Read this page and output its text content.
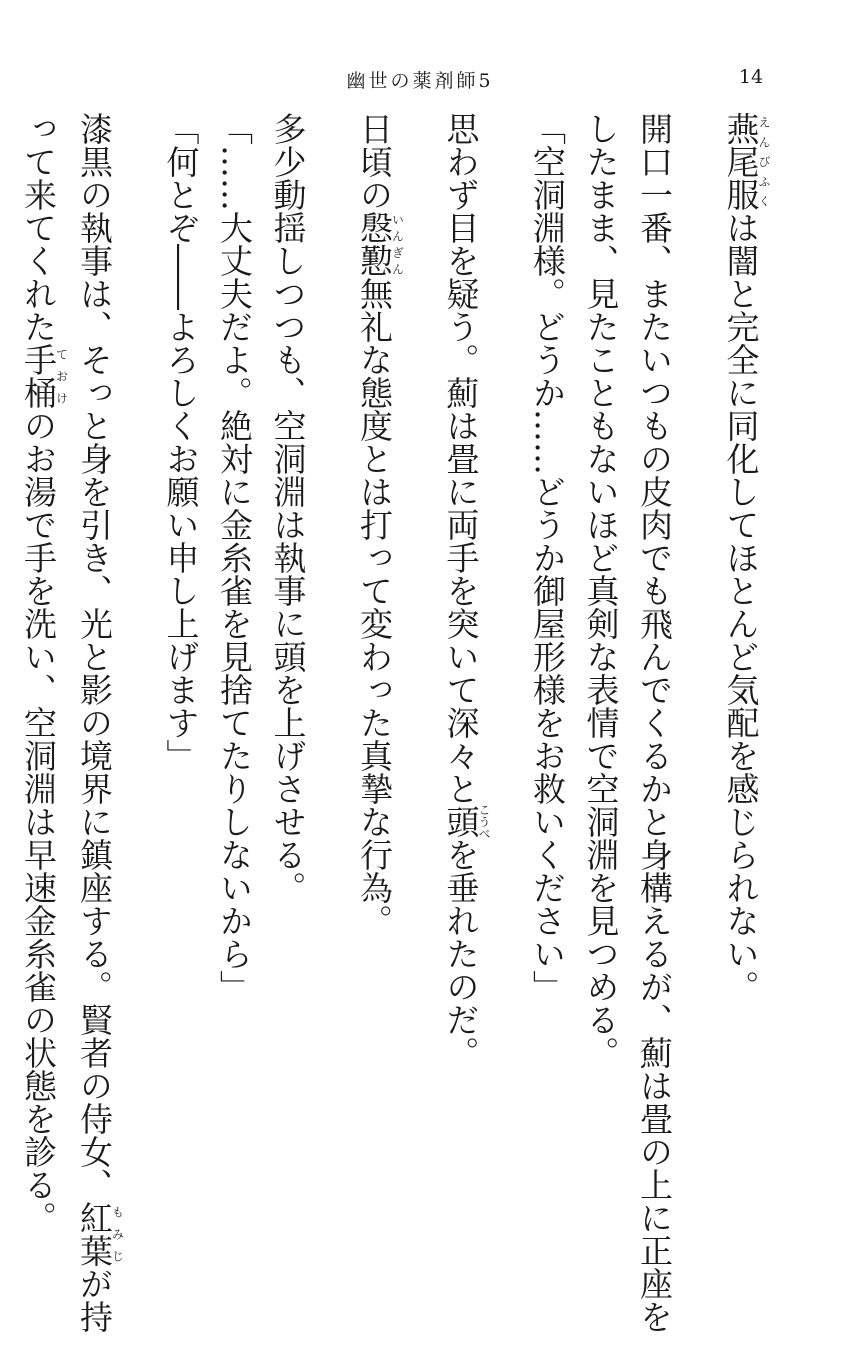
幽世の薬剤師5	14
燕尾服えんびふくは闇と完全に同化してほとんど気配を感じられない。
開口一番、またいつもの皮肉でも飛んでくるかと身構えるが、薊は畳の上に正座を
したまま、見たこともないほど真剣な表情で空洞淵を見つめる。
「空洞淵様。どうか……どうか御屋形様をお救いください」
思わず目を疑う。薊は畳に両手を突いて深々と頭こうべを垂れたのだ。
日頃の慇懃いんぎん無礼な態度とは打って変わった真摯な行為。
多少動揺しつつも、空洞淵は執事に頭を上げさせる。
「……大丈夫だよ。絶対に金糸雀を見捨てたりしないから」
「何とぞ――よろしくお願い申し上げます」
漆黒の執事は、そっと身を引き、光と影の境界に鎮座する。賢者の侍女、紅葉もみじが持
って来てくれた手桶ておけのお湯で手を洗い、空洞淵は早速金糸雀の状態を診る。
